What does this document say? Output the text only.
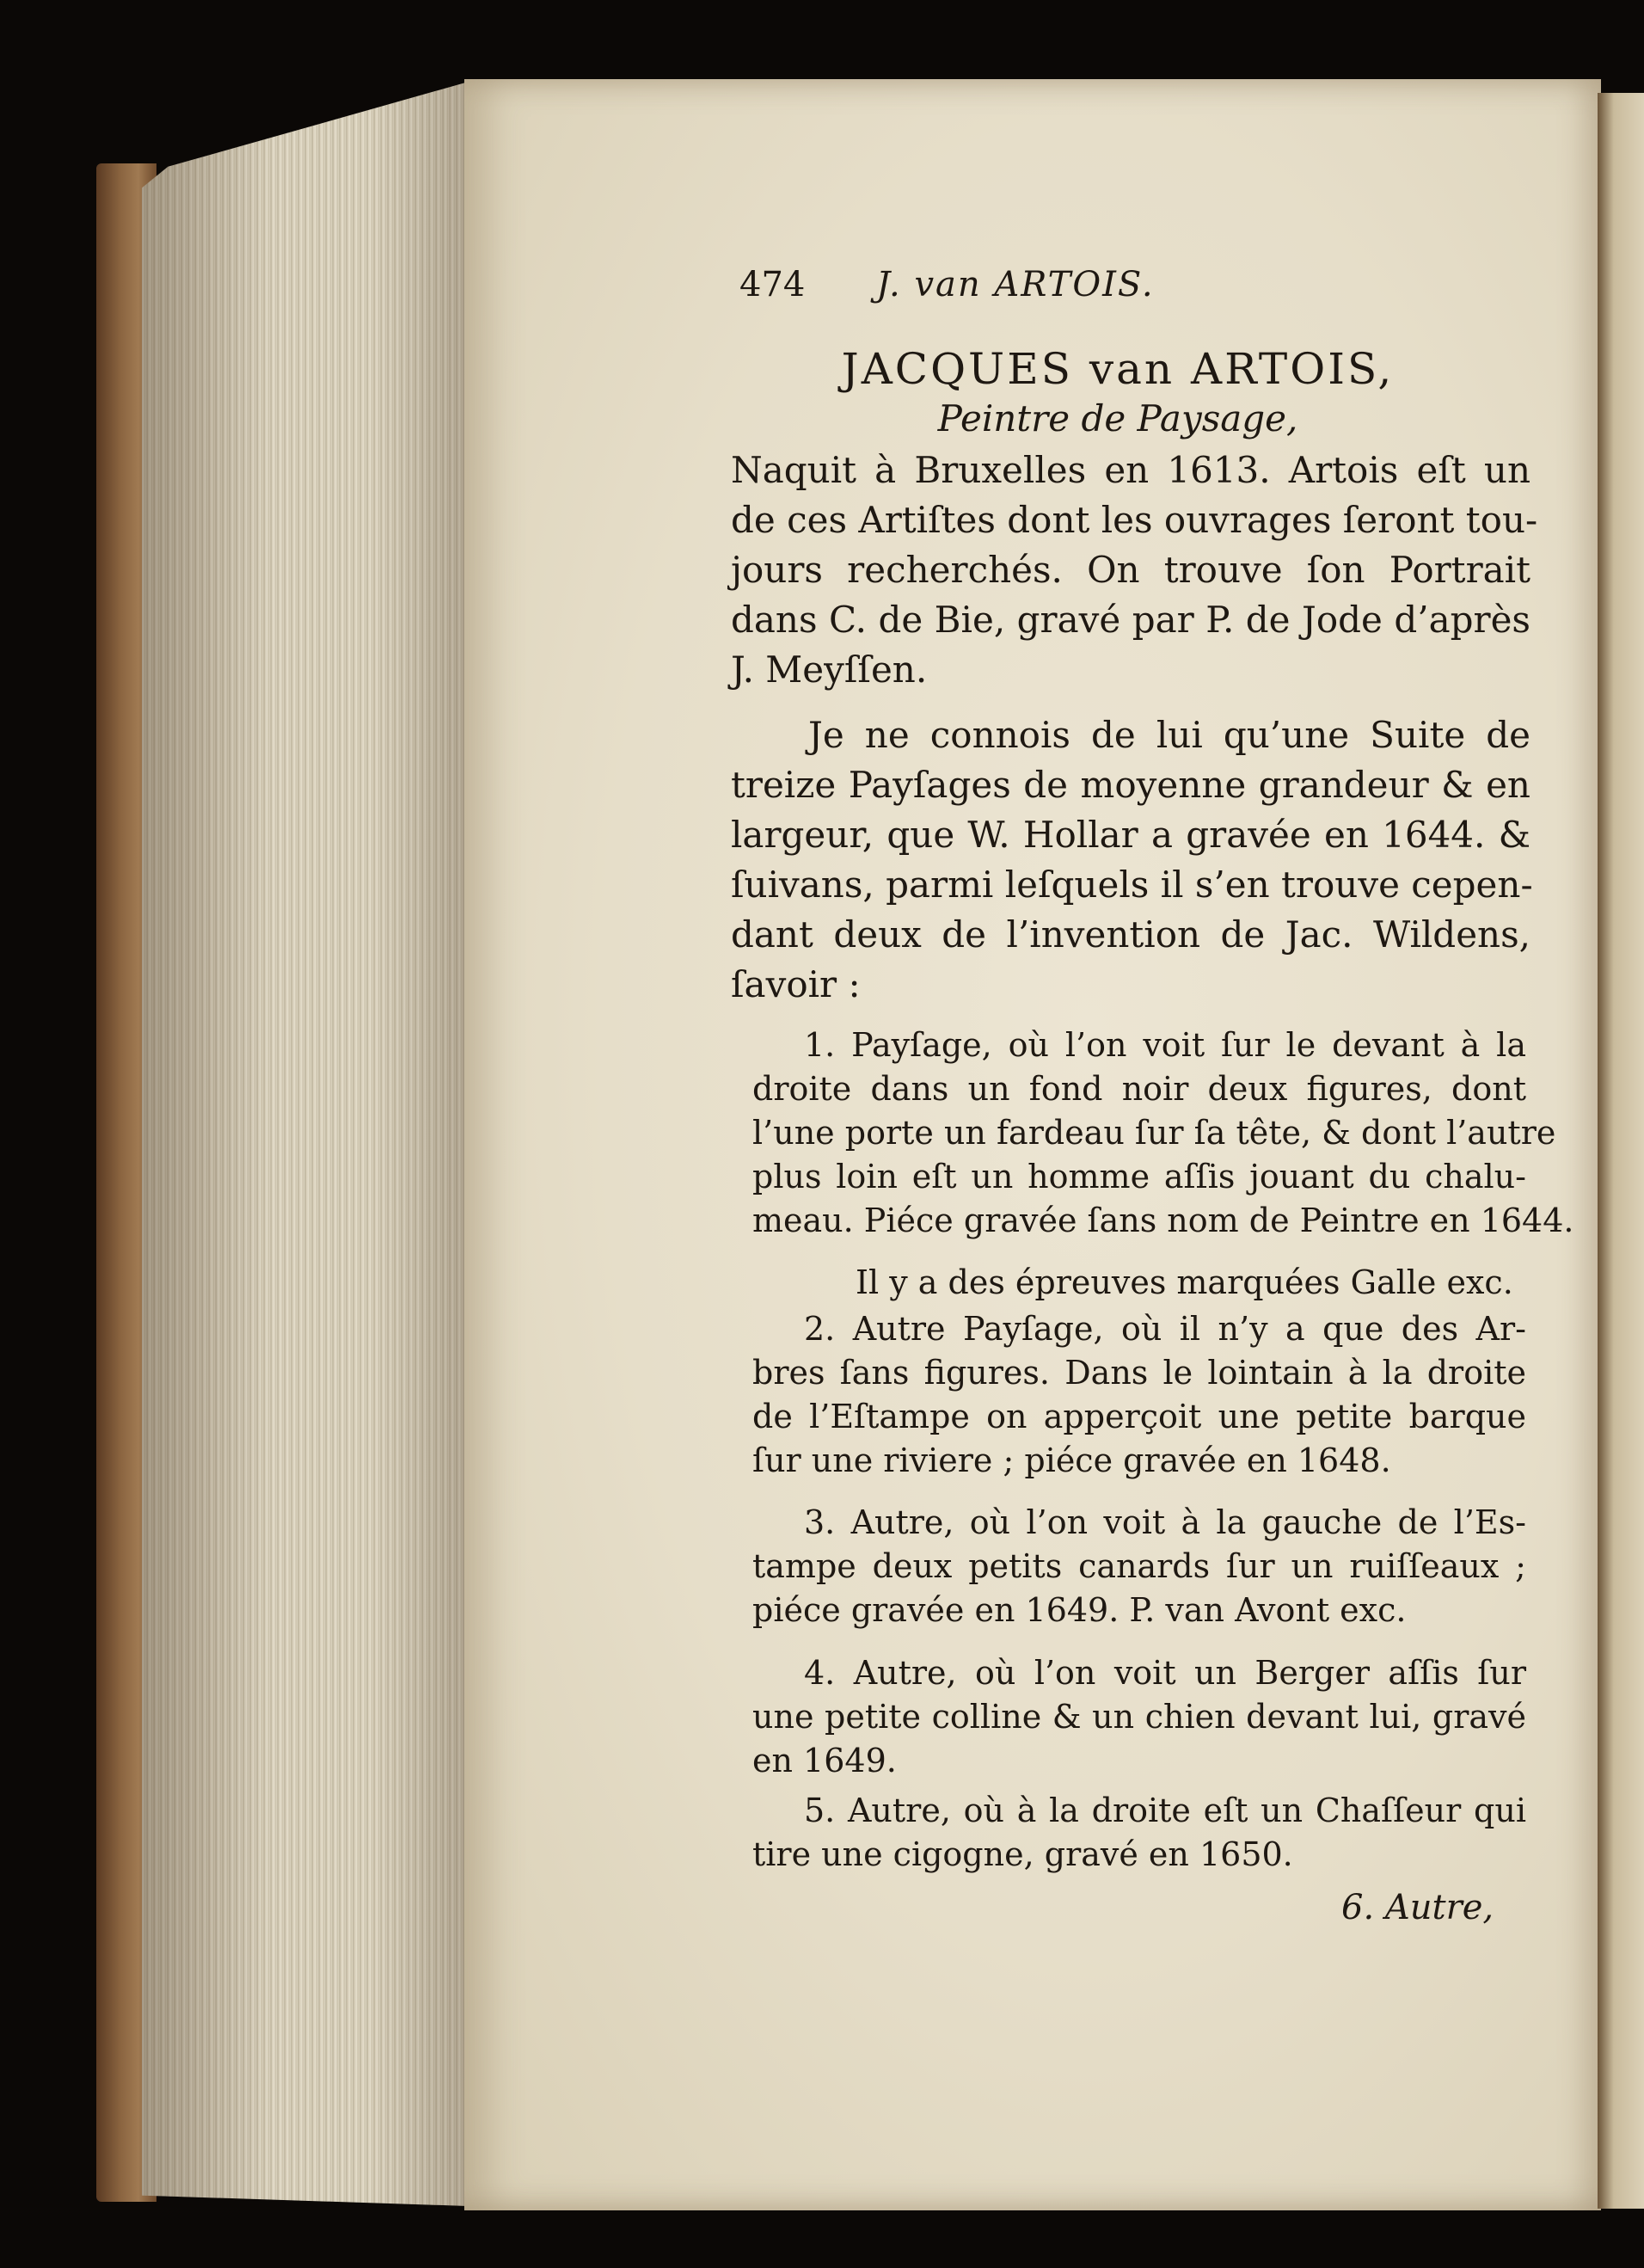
474 J. van ARTOIS.
JACQUES van ARTOIS,
Peintre de Paysage,
Naquit à Bruxelles en 1613. Artois eſt un
de ces Artiſtes dont les ouvrages ſeront tou-
jours recherchés. On trouve ſon Portrait
dans C. de Bie, gravé par P. de Jode d’après
J. Meyſſen.
Je ne connois de lui qu’une Suite de
treize Payſages de moyenne grandeur & en
largeur, que W. Hollar a gravée en 1644. &
ſuivans, parmi leſquels il s’en trouve cepen-
dant deux de l’invention de Jac. Wildens,
ſavoir :
1. Payſage, où l’on voit ſur le devant à la
droite dans un fond noir deux figures, dont
l’une porte un fardeau ſur ſa tête, & dont l’autre
plus loin eſt un homme aſſis jouant du chalu-
meau. Piéce gravée ſans nom de Peintre en 1644.
Il y a des épreuves marquées Galle exc.
2. Autre Payſage, où il n’y a que des Ar-
bres ſans figures. Dans le lointain à la droite
de l’Eſtampe on apperçoit une petite barque
ſur une riviere ; piéce gravée en 1648.
3. Autre, où l’on voit à la gauche de l’Es-
tampe deux petits canards ſur un ruiſſeaux ;
piéce gravée en 1649. P. van Avont exc.
4. Autre, où l’on voit un Berger aſſis ſur
une petite colline & un chien devant lui, gravé
en 1649.
5. Autre, où à la droite eſt un Chaſſeur qui
tire une cigogne, gravé en 1650.
6. Autre,
